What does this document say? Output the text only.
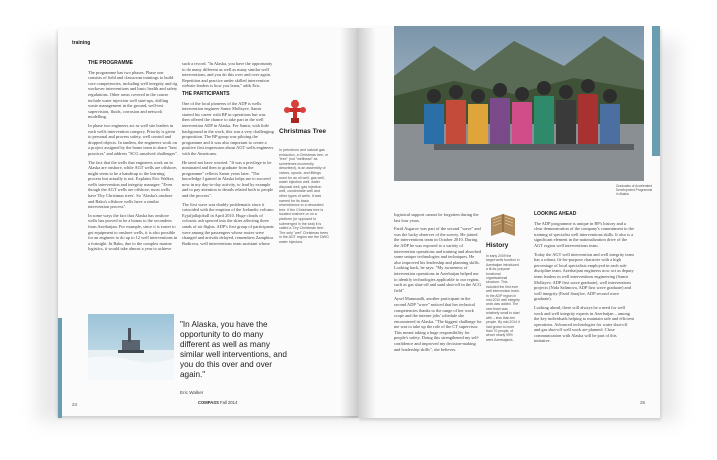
training
THE PROGRAMME

The programme has two phases. Phase one consists of field and classroom trainings to build core competencies, including well integrity and rig workover interventions and basic health and safety regulations. Other areas covered in the course include water injection well start-ups, drilling waste management in the ground, well-test supervision, fluids, corrosion and network modelling.

In phase two engineers act as well site leaders in each wells intervention category. Priority is given to personal and process safety, well control and dropped objects. In tandem, the engineers work on a project assigned by the home team to share "best practices" and address "SCG unsolved challenges".

The fact that the wells that engineers work on in Alaska are onshore, while AGT wells are offshore, might seem to be a handicap to the learning process but actually is not. Explains Eric Walker, wells intervention and integrity manager: "Even though the AGT wells are offshore, most wells have 'Dry Christmas trees'. So 'Alaska's onshore and Baku's offshore wells have a similar intervention process".

In some ways the fact that Alaska has onshore wells has proved to be a bonus to the secondees from Azerbaijan. For example, since it is easier to get equipment to onshore wells, it is also possible for an engineer to do up to 12 well interventions in a fortnight. In Baku, due to the complex marine logistics, it would take almost a year to achieve

such a record. "In Alaska, you have the opportunity to do many different as well as many similar well interventions, and you do this over and over again. Repetition and practice under skilled intervention website leaders is how you learn," adds Eric.

THE PARTICIPANTS

One of the local pioneers of the ADP is wells intervention engineer Samir Mollayev. Samir started his career with BP in operations but was then offered the chance to take part in the well intervention ADP in Alaska. For Samir, with little background in the work, this was a very challenging proposition. The BP group was piloting the programme and it was also important to create a positive first impression about AGT wells engineers with the Americans.

He need not have worried. "It was a privilege to be nominated and then to graduate from the programme" reflects Samir years later. "The knowledge I gained in Alaska helps me to succeed now in my day-to-day activity, to lead by example and to pay attention to details related both to people and the process".

The first wave was doubly problematic since it coincided with the eruption of the Icelandic volcano Eyjafjallajokull in April 2010. Huge clouds of volcanic ash spewed into the skies affecting three sands of air flights. ADP's first group of participants were among the passengers whose routes were changed and arrivals delayed, remembers Zamphira Badirova, well interventions team assistant whose

Christmas Tree
In petroleum and natural gas extraction, a Christmas tree, or "tree" (not "wellhead" as sometimes incorrectly described), is an assembly of valves, spools, and fittings used for an oil well, gas well, water injection well, water disposal well, gas injection well, condensate well and other types of wells. It was named for its basic resemblance to a decorated tree. If the Christmas tree is located onshore or on a platform (or opposed to submerged in the sea) it is called a 'Dry Christmas tree'. The only "wet" Christmas trees in the AGT region are the DWG water injectors.
"In Alaska, you have the opportunity to do many different as well as many similar well interventions, and you do this over and over again."
Eric Walker
24
Graduates of Accelerated Development Programme in Alaska

logistical support cannot be forgotten during the last four years.

Farid Asgarov was part of the second "wave" and was the lucky observer of the survey. He joined the interventions team in October 2010. During the ADP he was exposed to a variety of intervention operations and training and absorbed some unique technologies and techniques. He also improved his leadership and planning skills. Looking back, he says: "My awareness of intervention operations in Azerbaijan helped me to identify technologies applicable to our region, such as gas shut-off and sand shut-off in the ACG field".

Aysel Mammadli, another participant in the second ADP "wave" noticed that her technical competencies thanks to the range of her work scope and the intense jobs' schedule she encountered in Alaska. "The biggest challenge for me was to take up the role of the CT supervisor. This meant taking a huge responsibility for people's safety. Doing this strengthened my self-confidence and improved my decision-making and leadership skills", she believes.

History
In early 2009 the target wells function in Azerbaijan introduced a fit-for-purpose functional organisational structure. This included the first ever well intervention team. In the ADP region in mid-2010 well integrity work was added. The new team was relatively small to start with – less than ten people. By mid-2014 it had grown to more than 70 people, of whom nearly 95% were Azerbaijanis.
LOOKING AHEAD

The ADP programme is unique in BP's history and a clear demonstration of the company's commitment to the training of specialist well interventions skills. It also is a significant element in the nationalization drive of the AGT region well interventions team.

Today the AGT well intervention and well integrity team has a robust, fit-for-purpose character with a high percentage of local specialists employed in each sub-discipline team. Azerbaijani engineers now act as deputy team leaders in well interventions engineering (Samir Mollayev, ADP first wave graduate), well interventions projects (Nida Salimova, ADP first wave graduate) and well integrity (Farid Sarajlov, ADP second wave graduate).

Looking ahead, there will always be a need for well work and well integrity experts in Azerbaijan – among the key individuals helping to maintain safe and efficient operations. Advanced technologies for water shut-off and gas shut-off well work are planned. Close communication with Alaska will be part of this initiative.

COMPASS Fall 2014	25
